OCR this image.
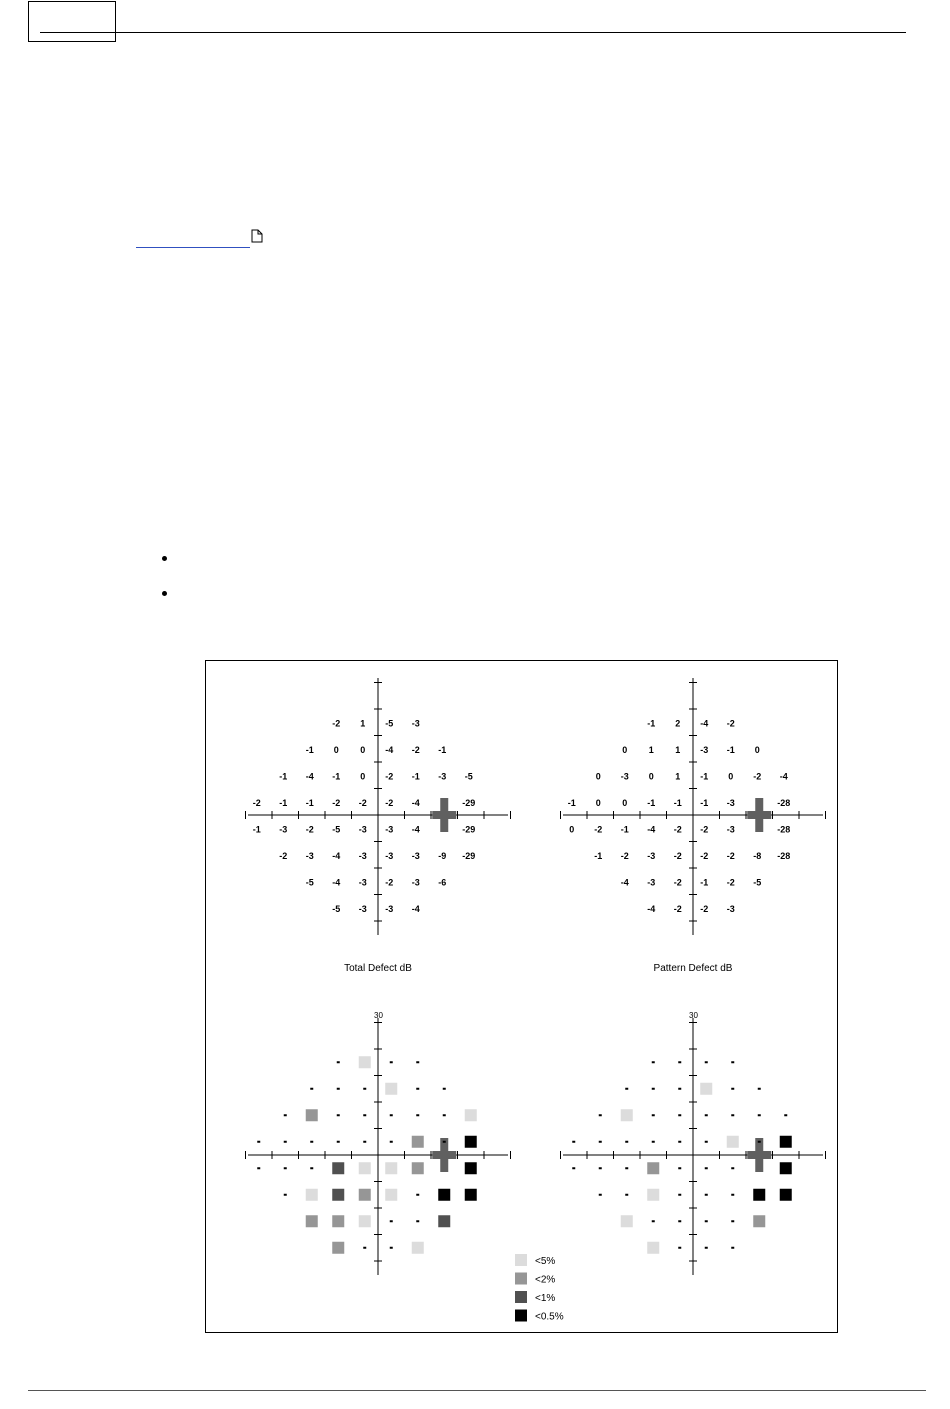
-2 1 -5 -3
-1 0 0 -4 -2 -1
-1 -4 -1 0 -2 -1 -3 -5
-2 -1 -1 -2 -2 -2 -4	-29
-1 -3 -2 -5 -3 -3 -4	-29
-2 -3 -4 -3 -3 -3 -9 -29
-5 -4 -3 -2 -3 -6
-5 -3 -3 -4
Total Defect dB
-1 2 -4 -2
0 1 1 -3 -1 0
0 -3 0 1 -1 0 -2 -4
-1 0 0 -1 -1 -1 -3	-28
0 -2 -1 -4 -2 -2 -3	-28
-1 -2 -3 -2 -2 -2 -8 -28
-4 -3 -2 -1 -2 -5
-4 -2 -2 -3
Pattern Defect dB
30	30
<5%
<2%
<1%
<0.5%
